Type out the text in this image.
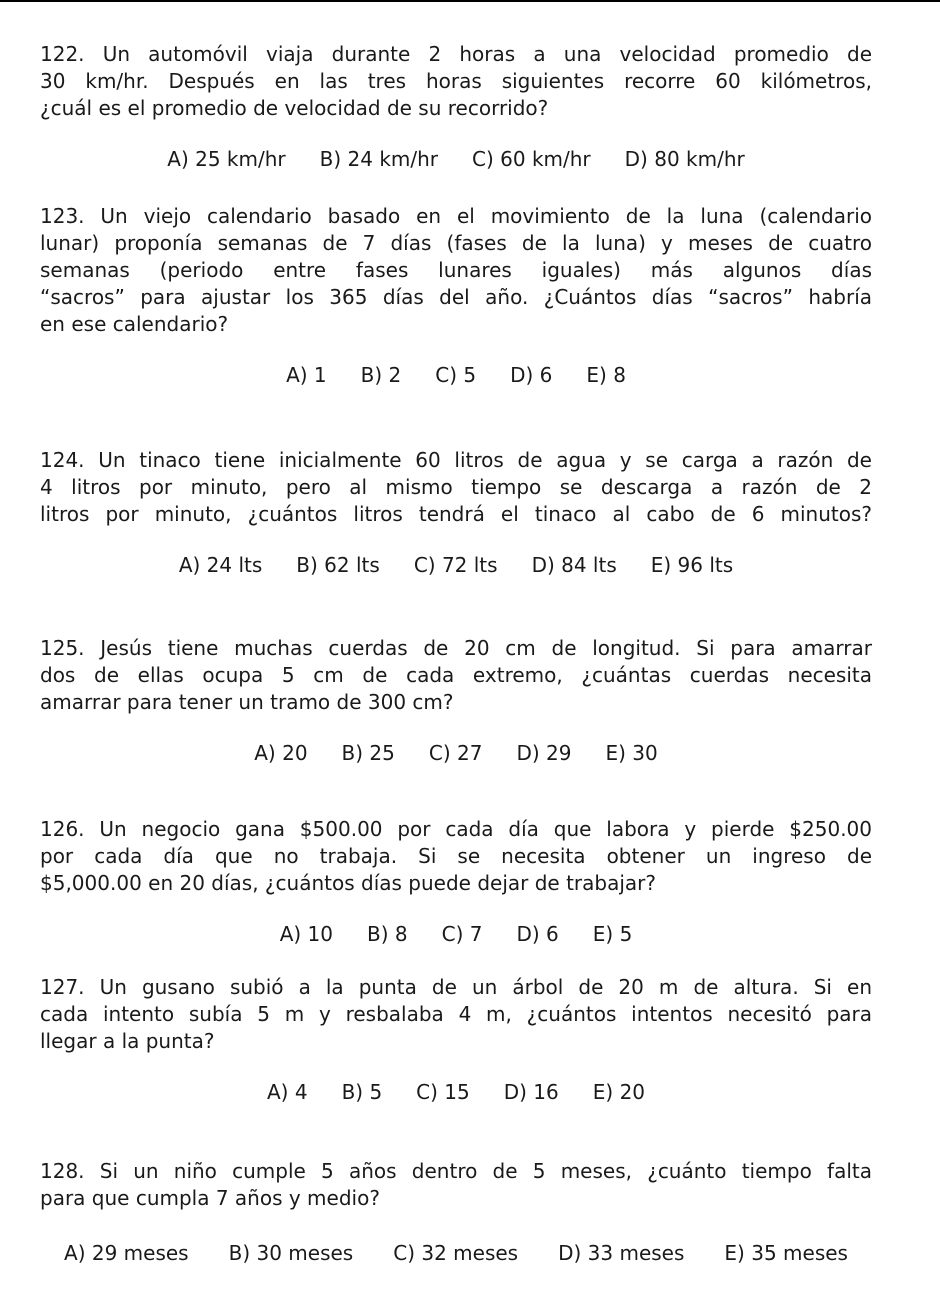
122. Un automóvil viaja durante 2 horas a una velocidad promedio de
30 km/hr. Después en las tres horas siguientes recorre 60 kilómetros,
¿cuál es el promedio de velocidad de su recorrido?
A) 25 km/hr B) 24 km/hr C) 60 km/hr D) 80 km/hr
123. Un viejo calendario basado en el movimiento de la luna (calendario
lunar) proponía semanas de 7 días (fases de la luna) y meses de cuatro
semanas (periodo entre fases lunares iguales) más algunos días
“sacros” para ajustar los 365 días del año. ¿Cuántos días “sacros” habría
en ese calendario?
A) 1 B) 2 C) 5 D) 6 E) 8
124. Un tinaco tiene inicialmente 60 litros de agua y se carga a razón de
4 litros por minuto, pero al mismo tiempo se descarga a razón de 2
litros por minuto, ¿cuántos litros tendrá el tinaco al cabo de 6 minutos?
A) 24 lts B) 62 lts C) 72 lts D) 84 lts E) 96 lts
125. Jesús tiene muchas cuerdas de 20 cm de longitud. Si para amarrar
dos de ellas ocupa 5 cm de cada extremo, ¿cuántas cuerdas necesita
amarrar para tener un tramo de 300 cm?
A) 20 B) 25 C) 27 D) 29 E) 30
126. Un negocio gana $500.00 por cada día que labora y pierde $250.00
por cada día que no trabaja. Si se necesita obtener un ingreso de
$5,000.00 en 20 días, ¿cuántos días puede dejar de trabajar?
A) 10 B) 8 C) 7 D) 6 E) 5
127. Un gusano subió a la punta de un árbol de 20 m de altura. Si en
cada intento subía 5 m y resbalaba 4 m, ¿cuántos intentos necesitó para
llegar a la punta?
A) 4 B) 5 C) 15 D) 16 E) 20
128. Si un niño cumple 5 años dentro de 5 meses, ¿cuánto tiempo falta
para que cumpla 7 años y medio?
A) 29 meses B) 30 meses C) 32 meses D) 33 meses E) 35 meses
